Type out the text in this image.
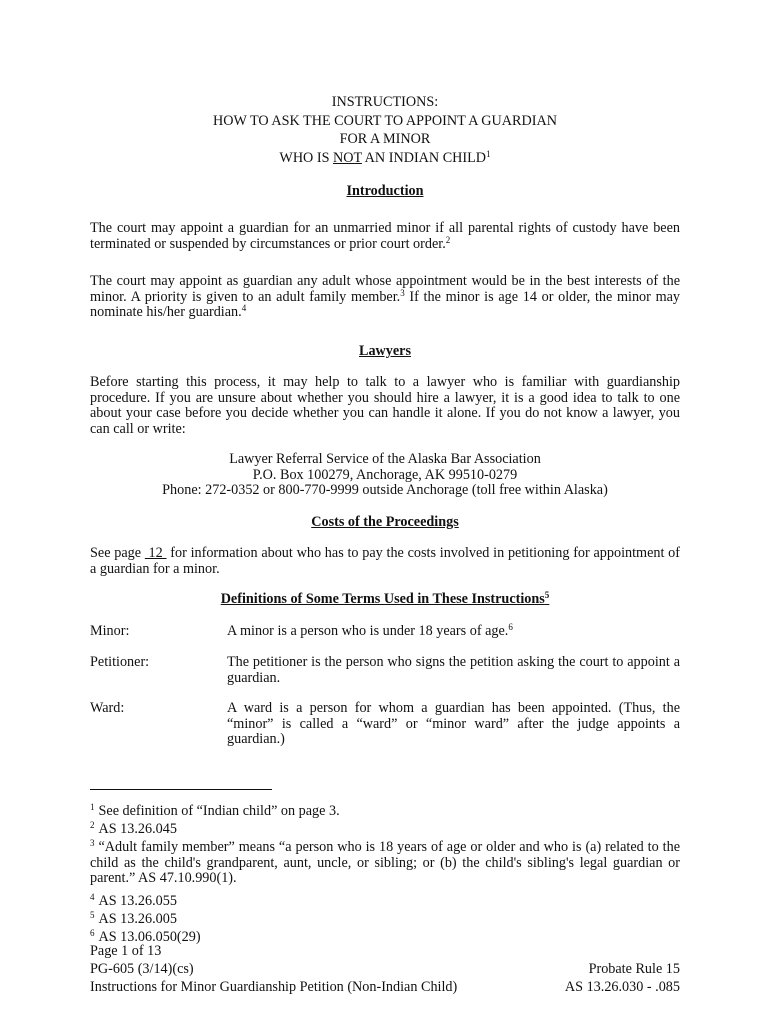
INSTRUCTIONS:
HOW TO ASK THE COURT TO APPOINT A GUARDIAN
FOR A MINOR
WHO IS NOT AN INDIAN CHILD$^1$
Introduction
The court may appoint a guardian for an unmarried minor if all parental rights of custody have been terminated or suspended by circumstances or prior court order.$^2$
The court may appoint as guardian any adult whose appointment would be in the best interests of the minor. A priority is given to an adult family member.$^3$ If the minor is age 14 or older, the minor may nominate his/her guardian.$^4$
Lawyers
Before starting this process, it may help to talk to a lawyer who is familiar with guardianship procedure. If you are unsure about whether you should hire a lawyer, it is a good idea to talk to one about your case before you decide whether you can handle it alone. If you do not know a lawyer, you can call or write:
Lawyer Referral Service of the Alaska Bar Association
P.O. Box 100279, Anchorage, AK 99510-0279
Phone: 272-0352 or 800-770-9999 outside Anchorage (toll free within Alaska)
Costs of the Proceedings
See page  12  for information about who has to pay the costs involved in petitioning for appointment of a guardian for a minor.
Definitions of Some Terms Used in These Instructions$^5$
Minor:	A minor is a person who is under 18 years of age.$^6$
Petitioner:	The petitioner is the person who signs the petition asking the court to appoint a guardian.
Ward:	A ward is a person for whom a guardian has been appointed. (Thus, the “minor” is called a “ward” or “minor ward” after the judge appoints a guardian.)
$^1$ See definition of “Indian child” on page 3.
$^2$ AS 13.26.045
$^3$ “Adult family member” means “a person who is 18 years of age or older and who is (a) related to the child as the child's grandparent, aunt, uncle, or sibling; or (b) the child's sibling's legal guardian or parent.” AS 47.10.990(1).
$^4$ AS 13.26.055
$^5$ AS 13.26.005
$^6$ AS 13.06.050(29)
Page 1 of 13
PG-605 (3/14)(cs)	Probate Rule 15
Instructions for Minor Guardianship Petition (Non-Indian Child)	AS 13.26.030 - .085
